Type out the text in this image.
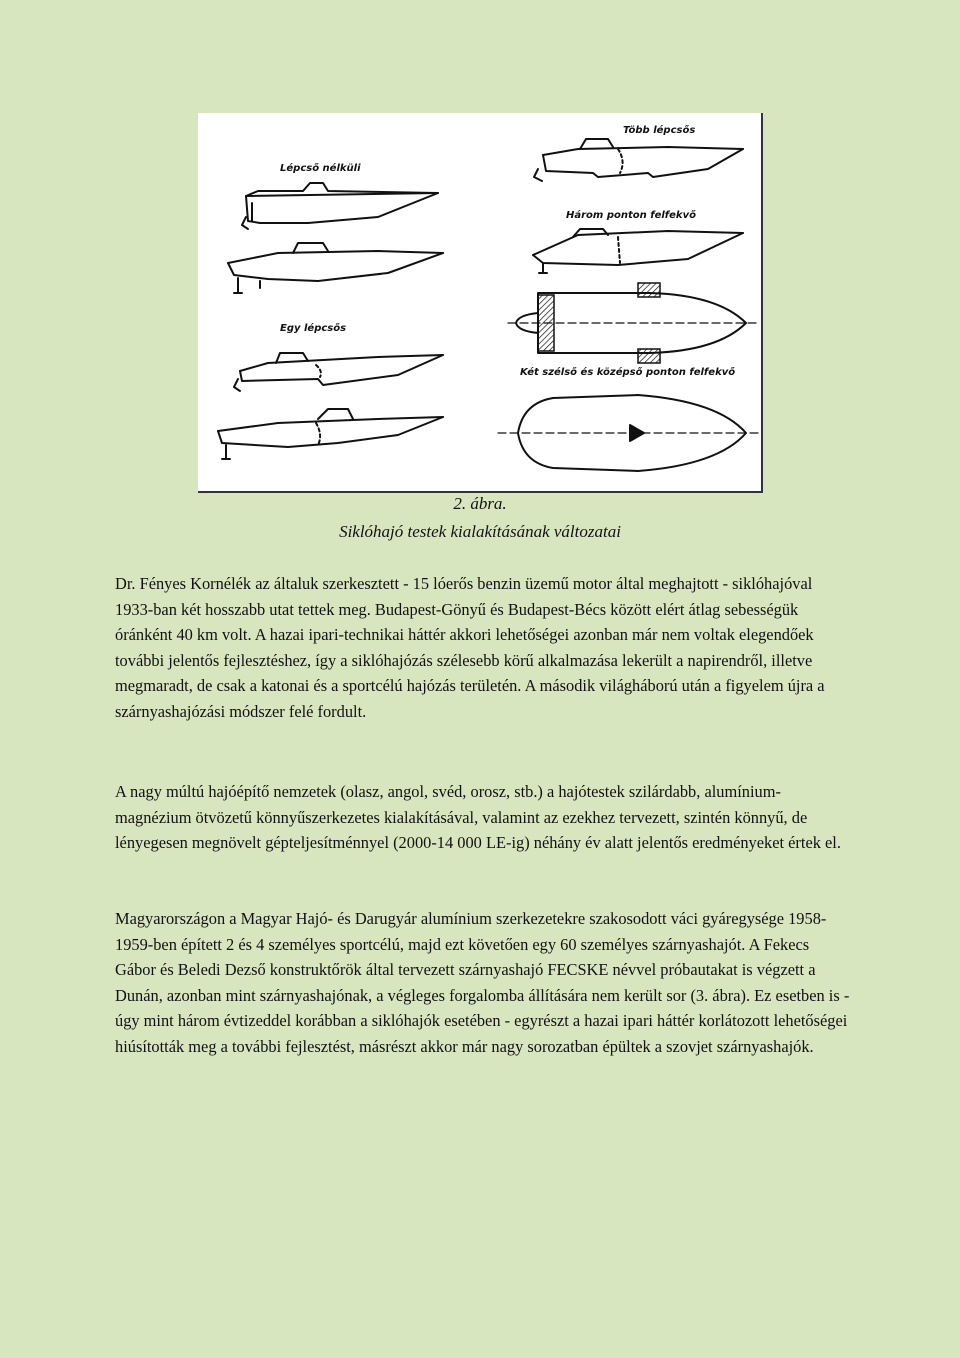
Lépcső nélküli
Egy lépcsős
Több lépcsős
Három ponton felfekvő
Két szélső és középső ponton felfekvő
2. ábra.
Siklóhajó testek kialakításának változatai

Dr. Fényes Kornélék az általuk szerkesztett - 15 lóerős benzin üzemű motor által meghajtott - siklóhajóval 1933-ban két hosszabb utat tettek meg. Budapest-Gönyű és Budapest-Bécs között elért átlag sebességük óránként 40 km volt. A hazai ipari-technikai háttér akkori lehetőségei azonban már nem voltak elegendőek további jelentős fejlesztéshez, így a siklóhajózás szélesebb körű alkalmazása lekerült a napirendről, illetve megmaradt, de csak a katonai és a sportcélú hajózás területén. A második világháború után a figyelem újra a szárnyashajózási módszer felé fordult.

A nagy múltú hajóépítő nemzetek (olasz, angol, svéd, orosz, stb.) a hajótestek szilárdabb, alumínium-magnézium ötvözetű könnyűszerkezetes kialakításával, valamint az ezekhez tervezett, szintén könnyű, de lényegesen megnövelt gépteljesítménnyel (2000-14 000 LE-ig) néhány év alatt jelentős eredményeket értek el.

Magyarországon a Magyar Hajó- és Darugyár alumínium szerkezetekre szakosodott váci gyáregysége 1958-1959-ben épített 2 és 4 személyes sportcélú, majd ezt követően egy 60 személyes szárnyashajót. A Fekecs Gábor és Beledi Dezső konstruktőrök által tervezett szárnyashajó FECSKE névvel próbautakat is végzett a Dunán, azonban mint szárnyashajónak, a végleges forgalomba állítására nem került sor (3. ábra). Ez esetben is - úgy mint három évtizeddel korábban a siklóhajók esetében - egyrészt a hazai ipari háttér korlátozott lehetőségei hiúsították meg a további fejlesztést, másrészt akkor már nagy sorozatban épültek a szovjet szárnyashajók.
